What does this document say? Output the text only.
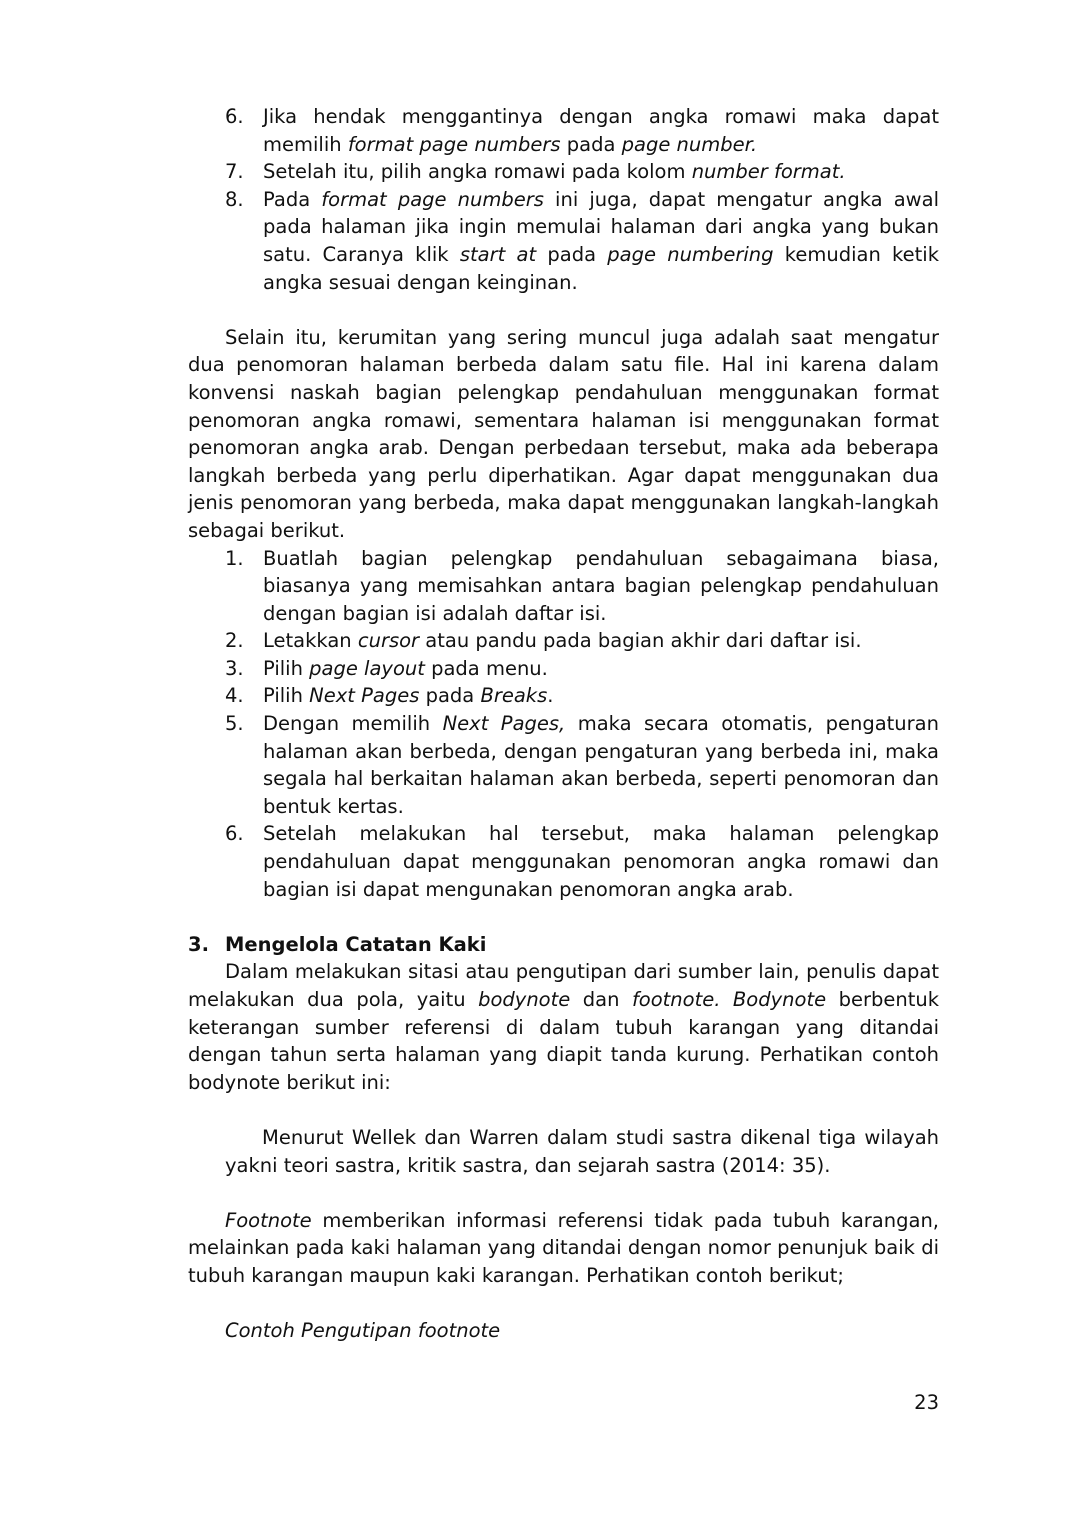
6. Jika hendak menggantinya dengan angka romawi maka dapat memilih format page numbers pada page number.
7. Setelah itu, pilih angka romawi pada kolom number format.
8. Pada format page numbers ini juga, dapat mengatur angka awal pada halaman jika ingin memulai halaman dari angka yang bukan satu. Caranya klik start at pada page numbering kemudian ketik angka sesuai dengan keinginan.

Selain itu, kerumitan yang sering muncul juga adalah saat mengatur dua penomoran halaman berbeda dalam satu file. Hal ini karena dalam konvensi naskah bagian pelengkap pendahuluan menggunakan format penomoran angka romawi, sementara halaman isi menggunakan format penomoran angka arab. Dengan perbedaan tersebut, maka ada beberapa langkah berbeda yang perlu diperhatikan. Agar dapat menggunakan dua jenis penomoran yang berbeda, maka dapat menggunakan langkah-langkah sebagai berikut.

1. Buatlah bagian pelengkap pendahuluan sebagaimana biasa, biasanya yang memisahkan antara bagian pelengkap pendahuluan dengan bagian isi adalah daftar isi.
2. Letakkan cursor atau pandu pada bagian akhir dari daftar isi.
3. Pilih page layout pada menu.
4. Pilih Next Pages pada Breaks.
5. Dengan memilih Next Pages, maka secara otomatis, pengaturan halaman akan berbeda, dengan pengaturan yang berbeda ini, maka segala hal berkaitan halaman akan berbeda, seperti penomoran dan bentuk kertas.
6. Setelah melakukan hal tersebut, maka halaman pelengkap pendahuluan dapat menggunakan penomoran angka romawi dan bagian isi dapat mengunakan penomoran angka arab.

3. Mengelola Catatan Kaki

Dalam melakukan sitasi atau pengutipan dari sumber lain, penulis dapat melakukan dua pola, yaitu bodynote dan footnote. Bodynote berbentuk keterangan sumber referensi di dalam tubuh karangan yang ditandai dengan tahun serta halaman yang diapit tanda kurung. Perhatikan contoh bodynote berikut ini:

Menurut Wellek dan Warren dalam studi sastra dikenal tiga wilayah yakni teori sastra, kritik sastra, dan sejarah sastra (2014: 35).

Footnote memberikan informasi referensi tidak pada tubuh karangan, melainkan pada kaki halaman yang ditandai dengan nomor penunjuk baik di tubuh karangan maupun kaki karangan. Perhatikan contoh berikut;

Contoh Pengutipan footnote

23
